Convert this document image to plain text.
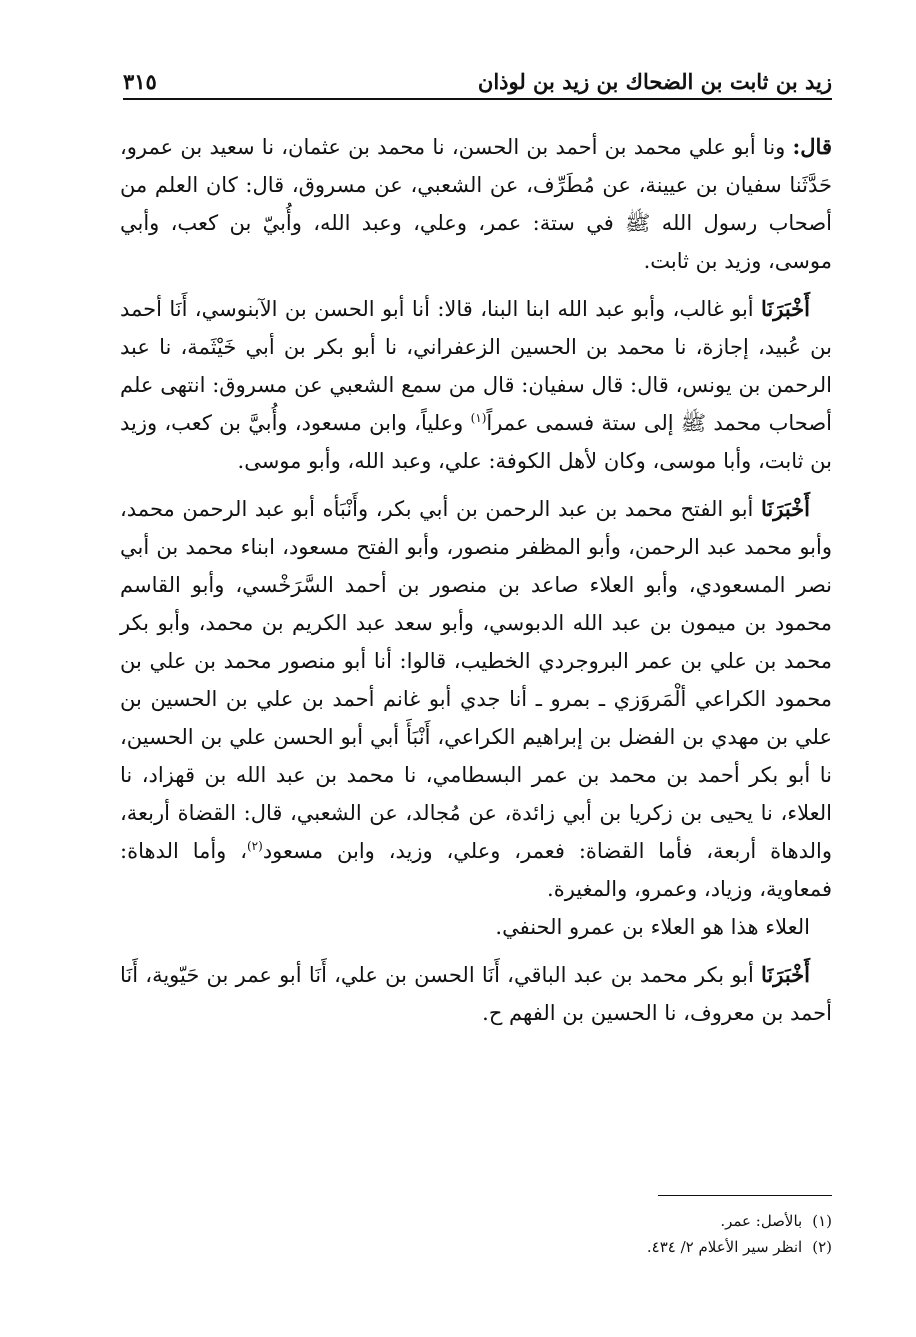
زيد بن ثابت بن الضحاك بن زيد بن لوذان
٣١٥

قال: ونا أبو علي محمد بن أحمد بن الحسن، نا محمد بن عثمان، نا سعيد بن عمرو، حَدَّثَنا سفيان بن عيينة، عن مُطَرِّف، عن الشعبي، عن مسروق، قال: كان العلم من أصحاب رسول الله ﷺ في ستة: عمر، وعلي، وعبد الله، وأُبيّ بن كعب، وأبي موسى، وزيد بن ثابت.

أَخْبَرَنَا أبو غالب، وأبو عبد الله ابنا البنا، قالا: أنا أبو الحسن بن الآبنوسي، أَنَا أحمد بن عُبيد، إجازة، نا محمد بن الحسين الزعفراني، نا أبو بكر بن أبي خَيْثَمة، نا عبد الرحمن بن يونس، قال: قال سفيان: قال من سمع الشعبي عن مسروق: انتهى علم أصحاب محمد ﷺ إلى ستة فسمى عمراً$^{(١)}$ وعلياً، وابن مسعود، وأُبيَّ بن كعب، وزيد بن ثابت، وأبا موسى، وكان لأهل الكوفة: علي، وعبد الله، وأبو موسى.

أَخْبَرَنَا أبو الفتح محمد بن عبد الرحمن بن أبي بكر، وأَنْبَأه أبو عبد الرحمن محمد، وأبو محمد عبد الرحمن، وأبو المظفر منصور، وأبو الفتح مسعود، ابناء محمد بن أبي نصر المسعودي، وأبو العلاء صاعد بن منصور بن أحمد السَّرَخْسي، وأبو القاسم محمود بن ميمون بن عبد الله الدبوسي، وأبو سعد عبد الكريم بن محمد، وأبو بكر محمد بن علي بن عمر البروجردي الخطيب، قالوا: أنا أبو منصور محمد بن علي بن محمود الكراعي ألْمَروَزي ـ بمرو ـ أنا جدي أبو غانم أحمد بن علي بن الحسين بن علي بن مهدي بن الفضل بن إبراهيم الكراعي، أَنْبَأَ أبي أبو الحسن علي بن الحسين، نا أبو بكر أحمد بن محمد بن عمر البسطامي، نا محمد بن عبد الله بن قهزاد، نا العلاء، نا يحيى بن زكريا بن أبي زائدة، عن مُجالد، عن الشعبي، قال: القضاة أربعة، والدهاة أربعة، فأما القضاة: فعمر، وعلي، وزيد، وابن مسعود$^{(٢)}$، وأما الدهاة: فمعاوية، وزياد، وعمرو، والمغيرة.

العلاء هذا هو العلاء بن عمرو الحنفي.

أَخْبَرَنَا أبو بكر محمد بن عبد الباقي، أَنَا الحسن بن علي، أَنَا أبو عمر بن حَيّوية، أَنَا أحمد بن معروف، نا الحسين بن الفهم ح.

(١)
بالأصل: عمر.
(٢)
انظر سير الأعلام ٢/ ٤٣٤.
